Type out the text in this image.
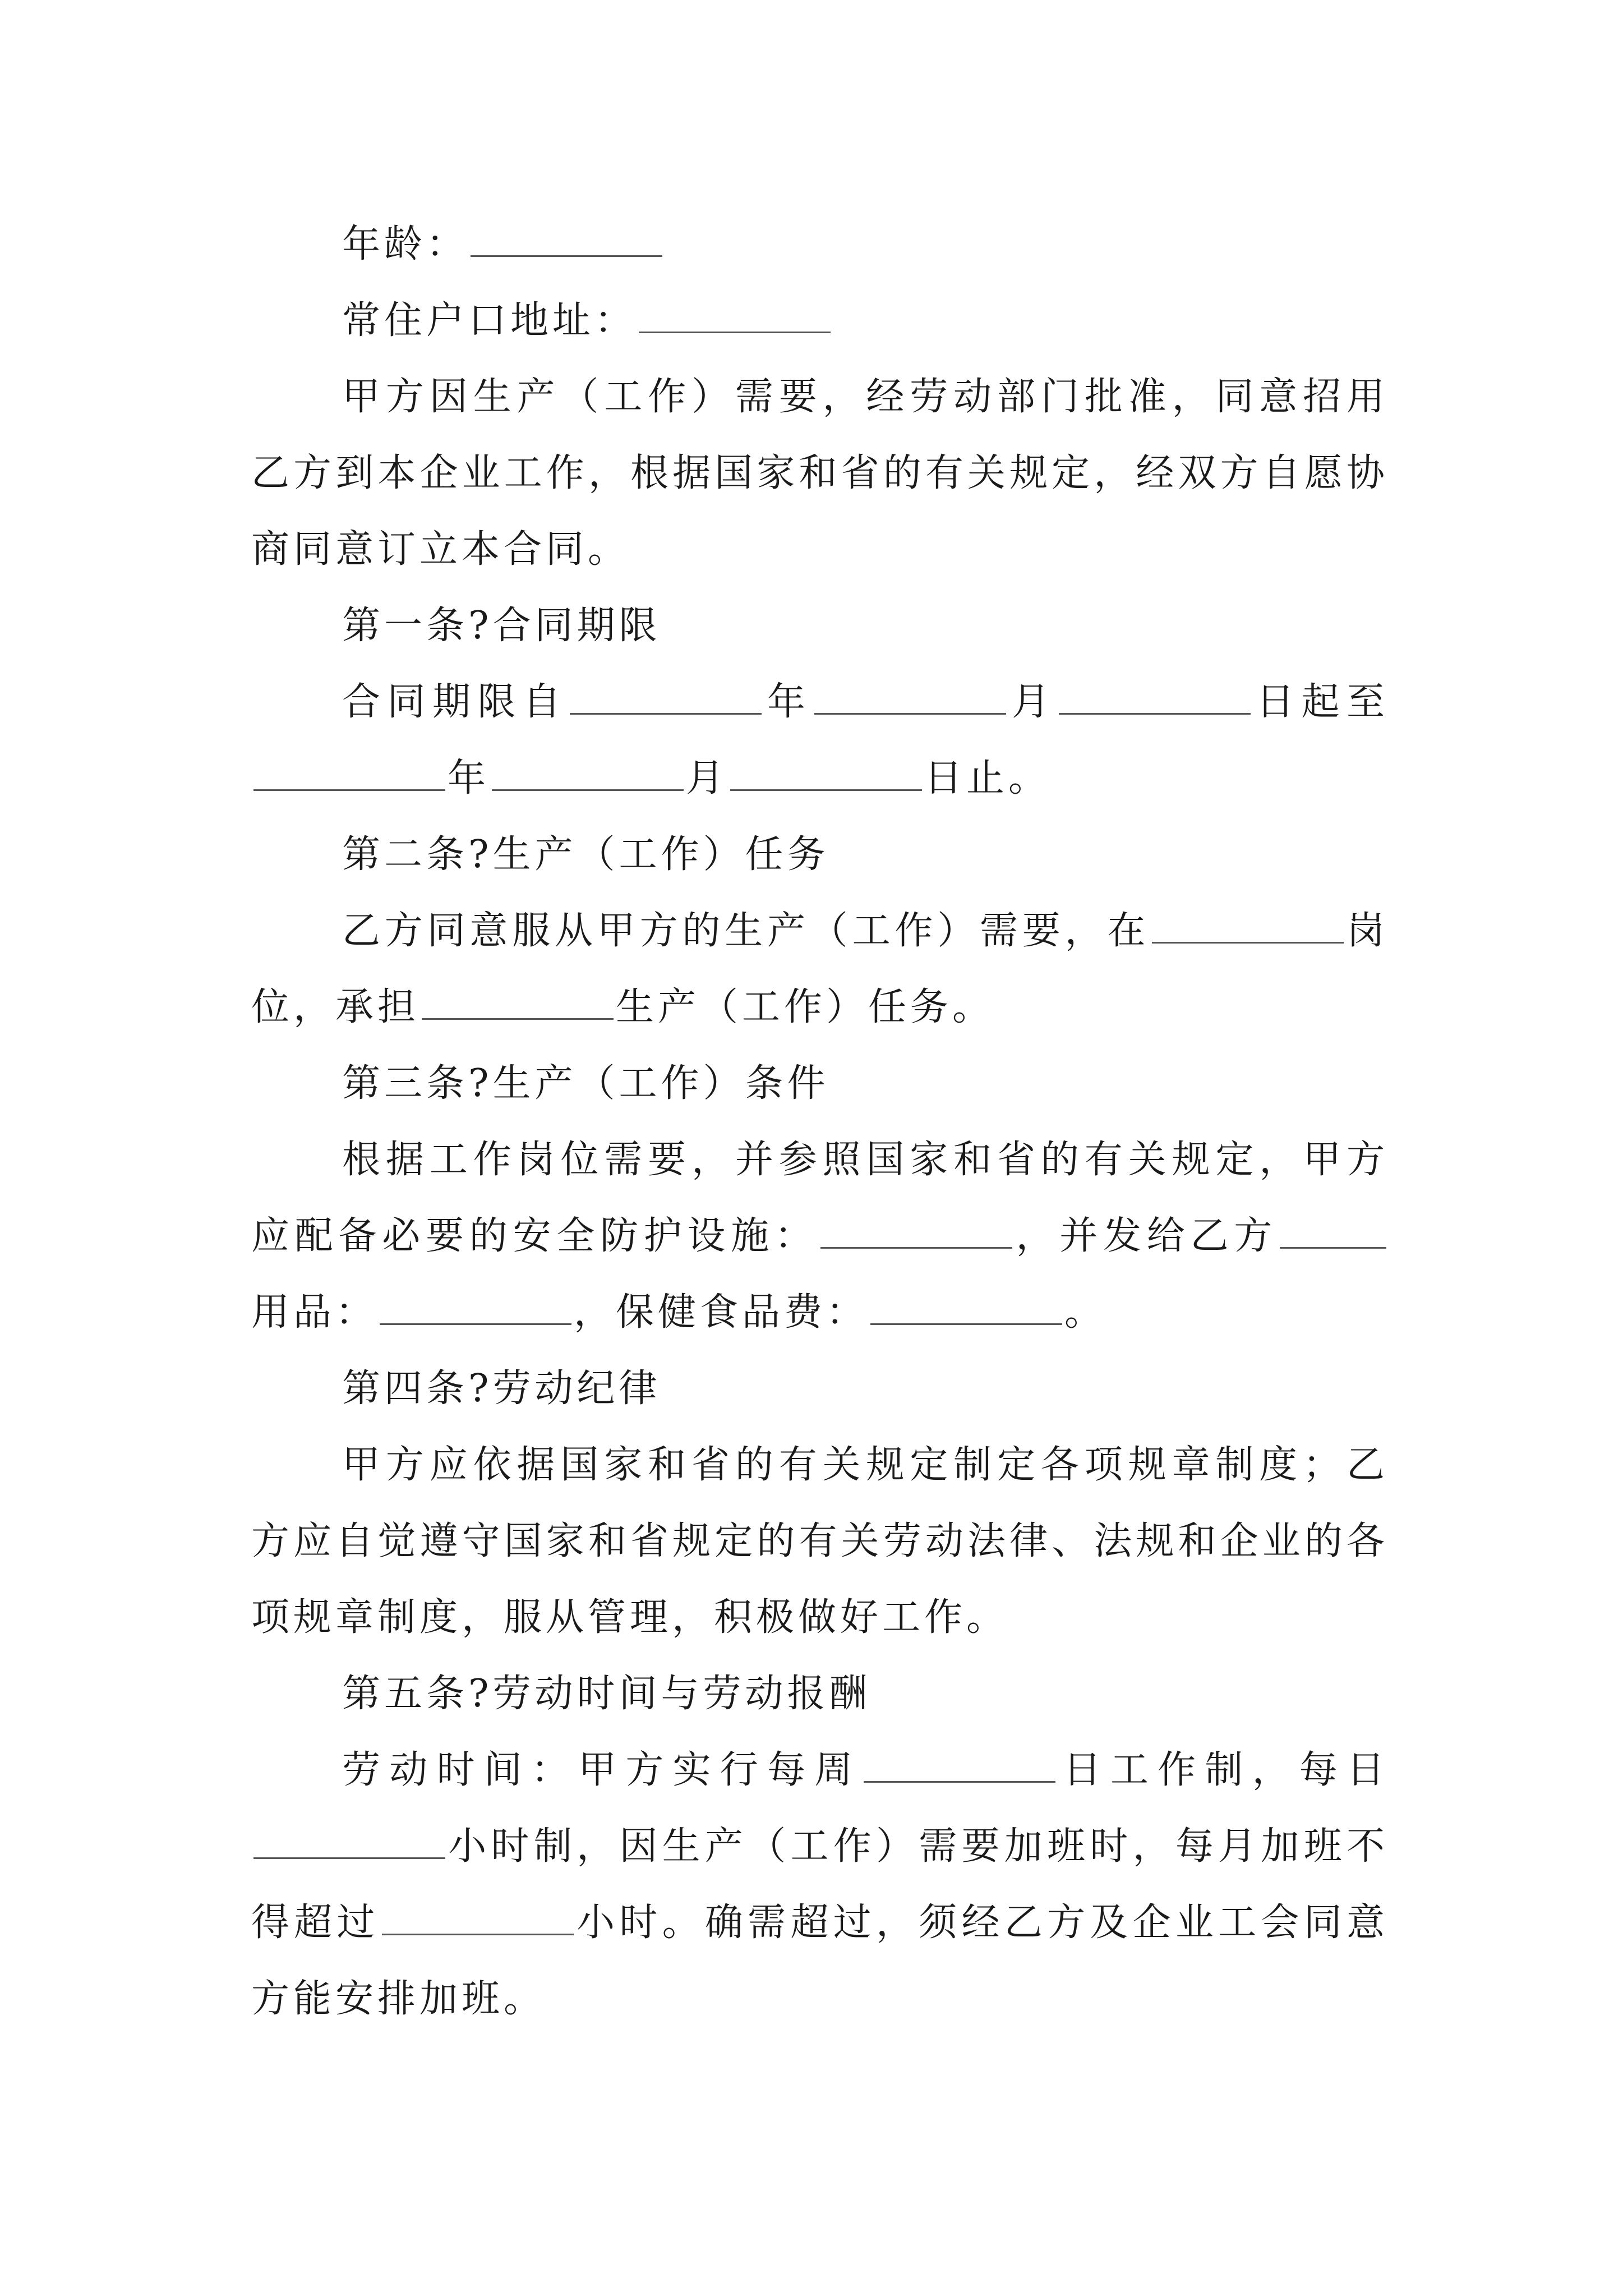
年龄：

常住户口地址：

甲方因生产（工作）需要，经劳动部门批准，同意招用乙方到本企业工作，根据国家和省的有关规定，经双方自愿协商同意订立本合同。

第一条?合同期限

合同期限自	年	月	日起至年	月	日止。

第二条?生产（工作）任务

乙方同意服从甲方的生产（工作）需要，在	岗位，承担	生产（工作）任务。

第三条?生产（工作）条件

根据工作岗位需要，并参照国家和省的有关规定，甲方应配备必要的安全防护设施：	，并发给乙方用品：	，保健食品费：	。

第四条?劳动纪律

甲方应依据国家和省的有关规定制定各项规章制度；乙方应自觉遵守国家和省规定的有关劳动法律、法规和企业的各项规章制度，服从管理，积极做好工作。

第五条?劳动时间与劳动报酬

劳动时间：甲方实行每周	日工作制，每日小时制，因生产（工作）需要加班时，每月加班不得超过	小时。确需超过，须经乙方及企业工会同意方能安排加班。
